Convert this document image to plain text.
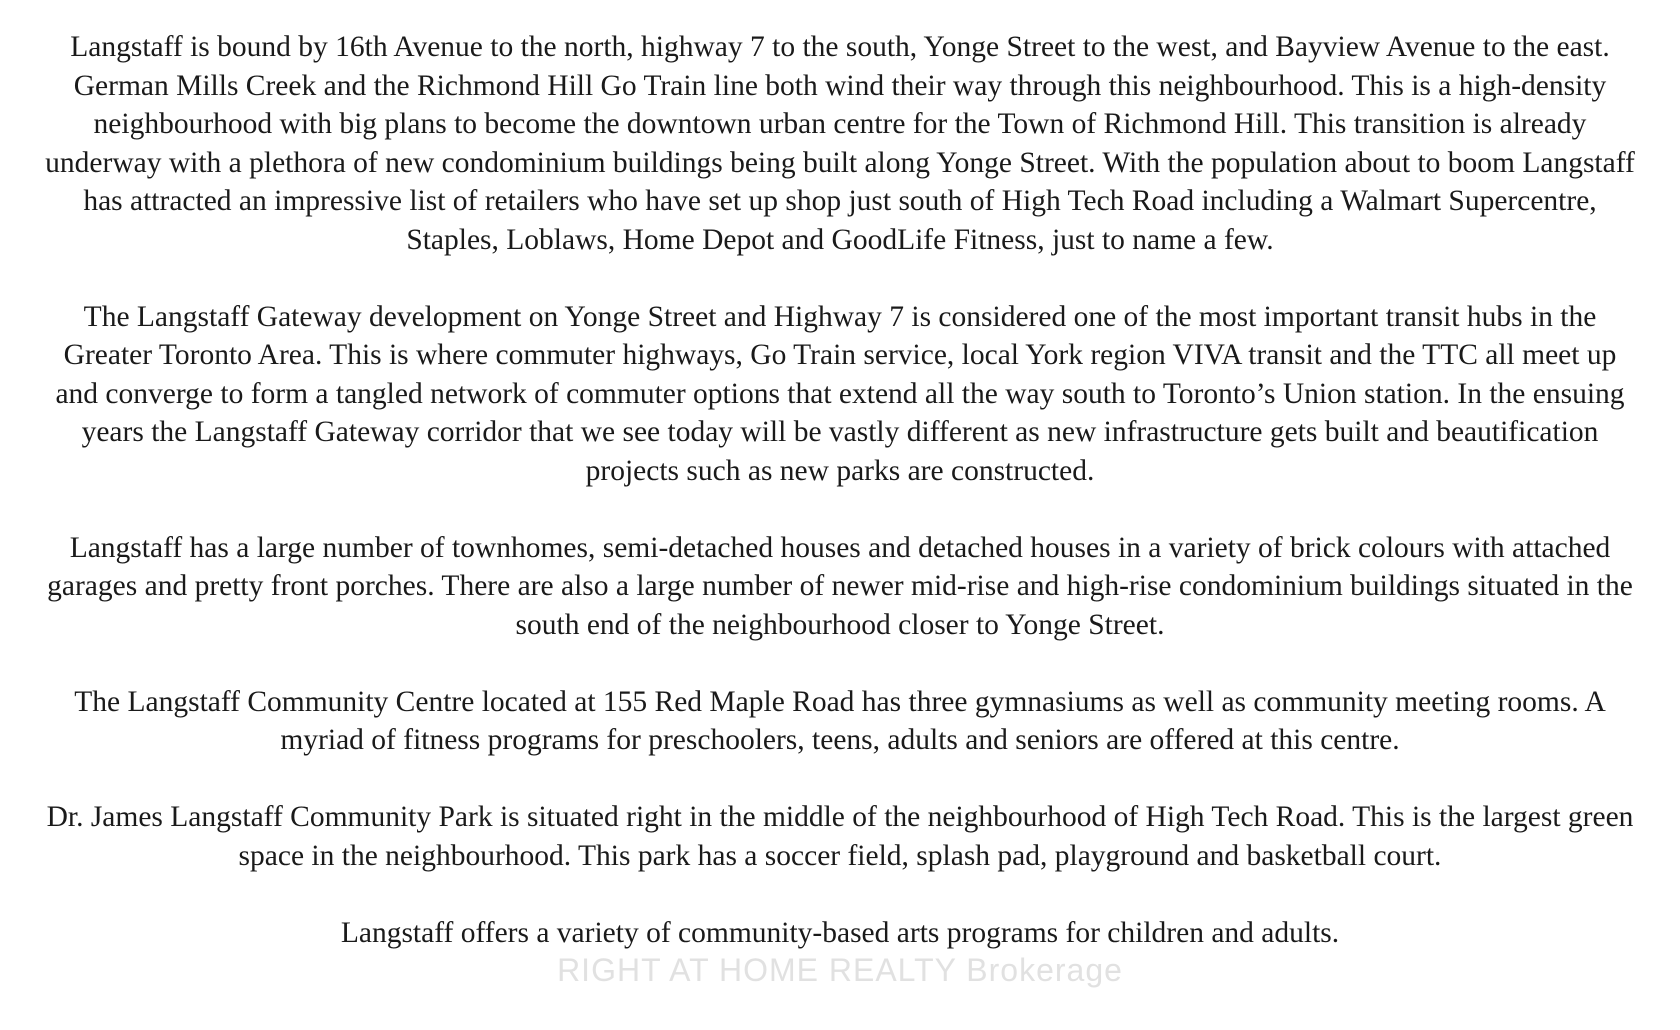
Langstaff is bound by 16th Avenue to the north, highway 7 to the south, Yonge Street to the west, and Bayview Avenue to the east. German Mills Creek and the Richmond Hill Go Train line both wind their way through this neighbourhood. This is a high-density neighbourhood with big plans to become the downtown urban centre for the Town of Richmond Hill. This transition is already underway with a plethora of new condominium buildings being built along Yonge Street. With the population about to boom Langstaff has attracted an impressive list of retailers who have set up shop just south of High Tech Road including a Walmart Supercentre, Staples, Loblaws, Home Depot and GoodLife Fitness, just to name a few.

The Langstaff Gateway development on Yonge Street and Highway 7 is considered one of the most important transit hubs in the Greater Toronto Area. This is where commuter highways, Go Train service, local York region VIVA transit and the TTC all meet up and converge to form a tangled network of commuter options that extend all the way south to Toronto’s Union station. In the ensuing years the Langstaff Gateway corridor that we see today will be vastly different as new infrastructure gets built and beautification projects such as new parks are constructed.

Langstaff has a large number of townhomes, semi-detached houses and detached houses in a variety of brick colours with attached garages and pretty front porches. There are also a large number of newer mid-rise and high-rise condominium buildings situated in the south end of the neighbourhood closer to Yonge Street.

The Langstaff Community Centre located at 155 Red Maple Road has three gymnasiums as well as community meeting rooms. A myriad of fitness programs for preschoolers, teens, adults and seniors are offered at this centre.

Dr. James Langstaff Community Park is situated right in the middle of the neighbourhood of High Tech Road. This is the largest green space in the neighbourhood. This park has a soccer field, splash pad, playground and basketball court.

Langstaff offers a variety of community-based arts programs for children and adults.

RIGHT AT HOME REALTY Brokerage
